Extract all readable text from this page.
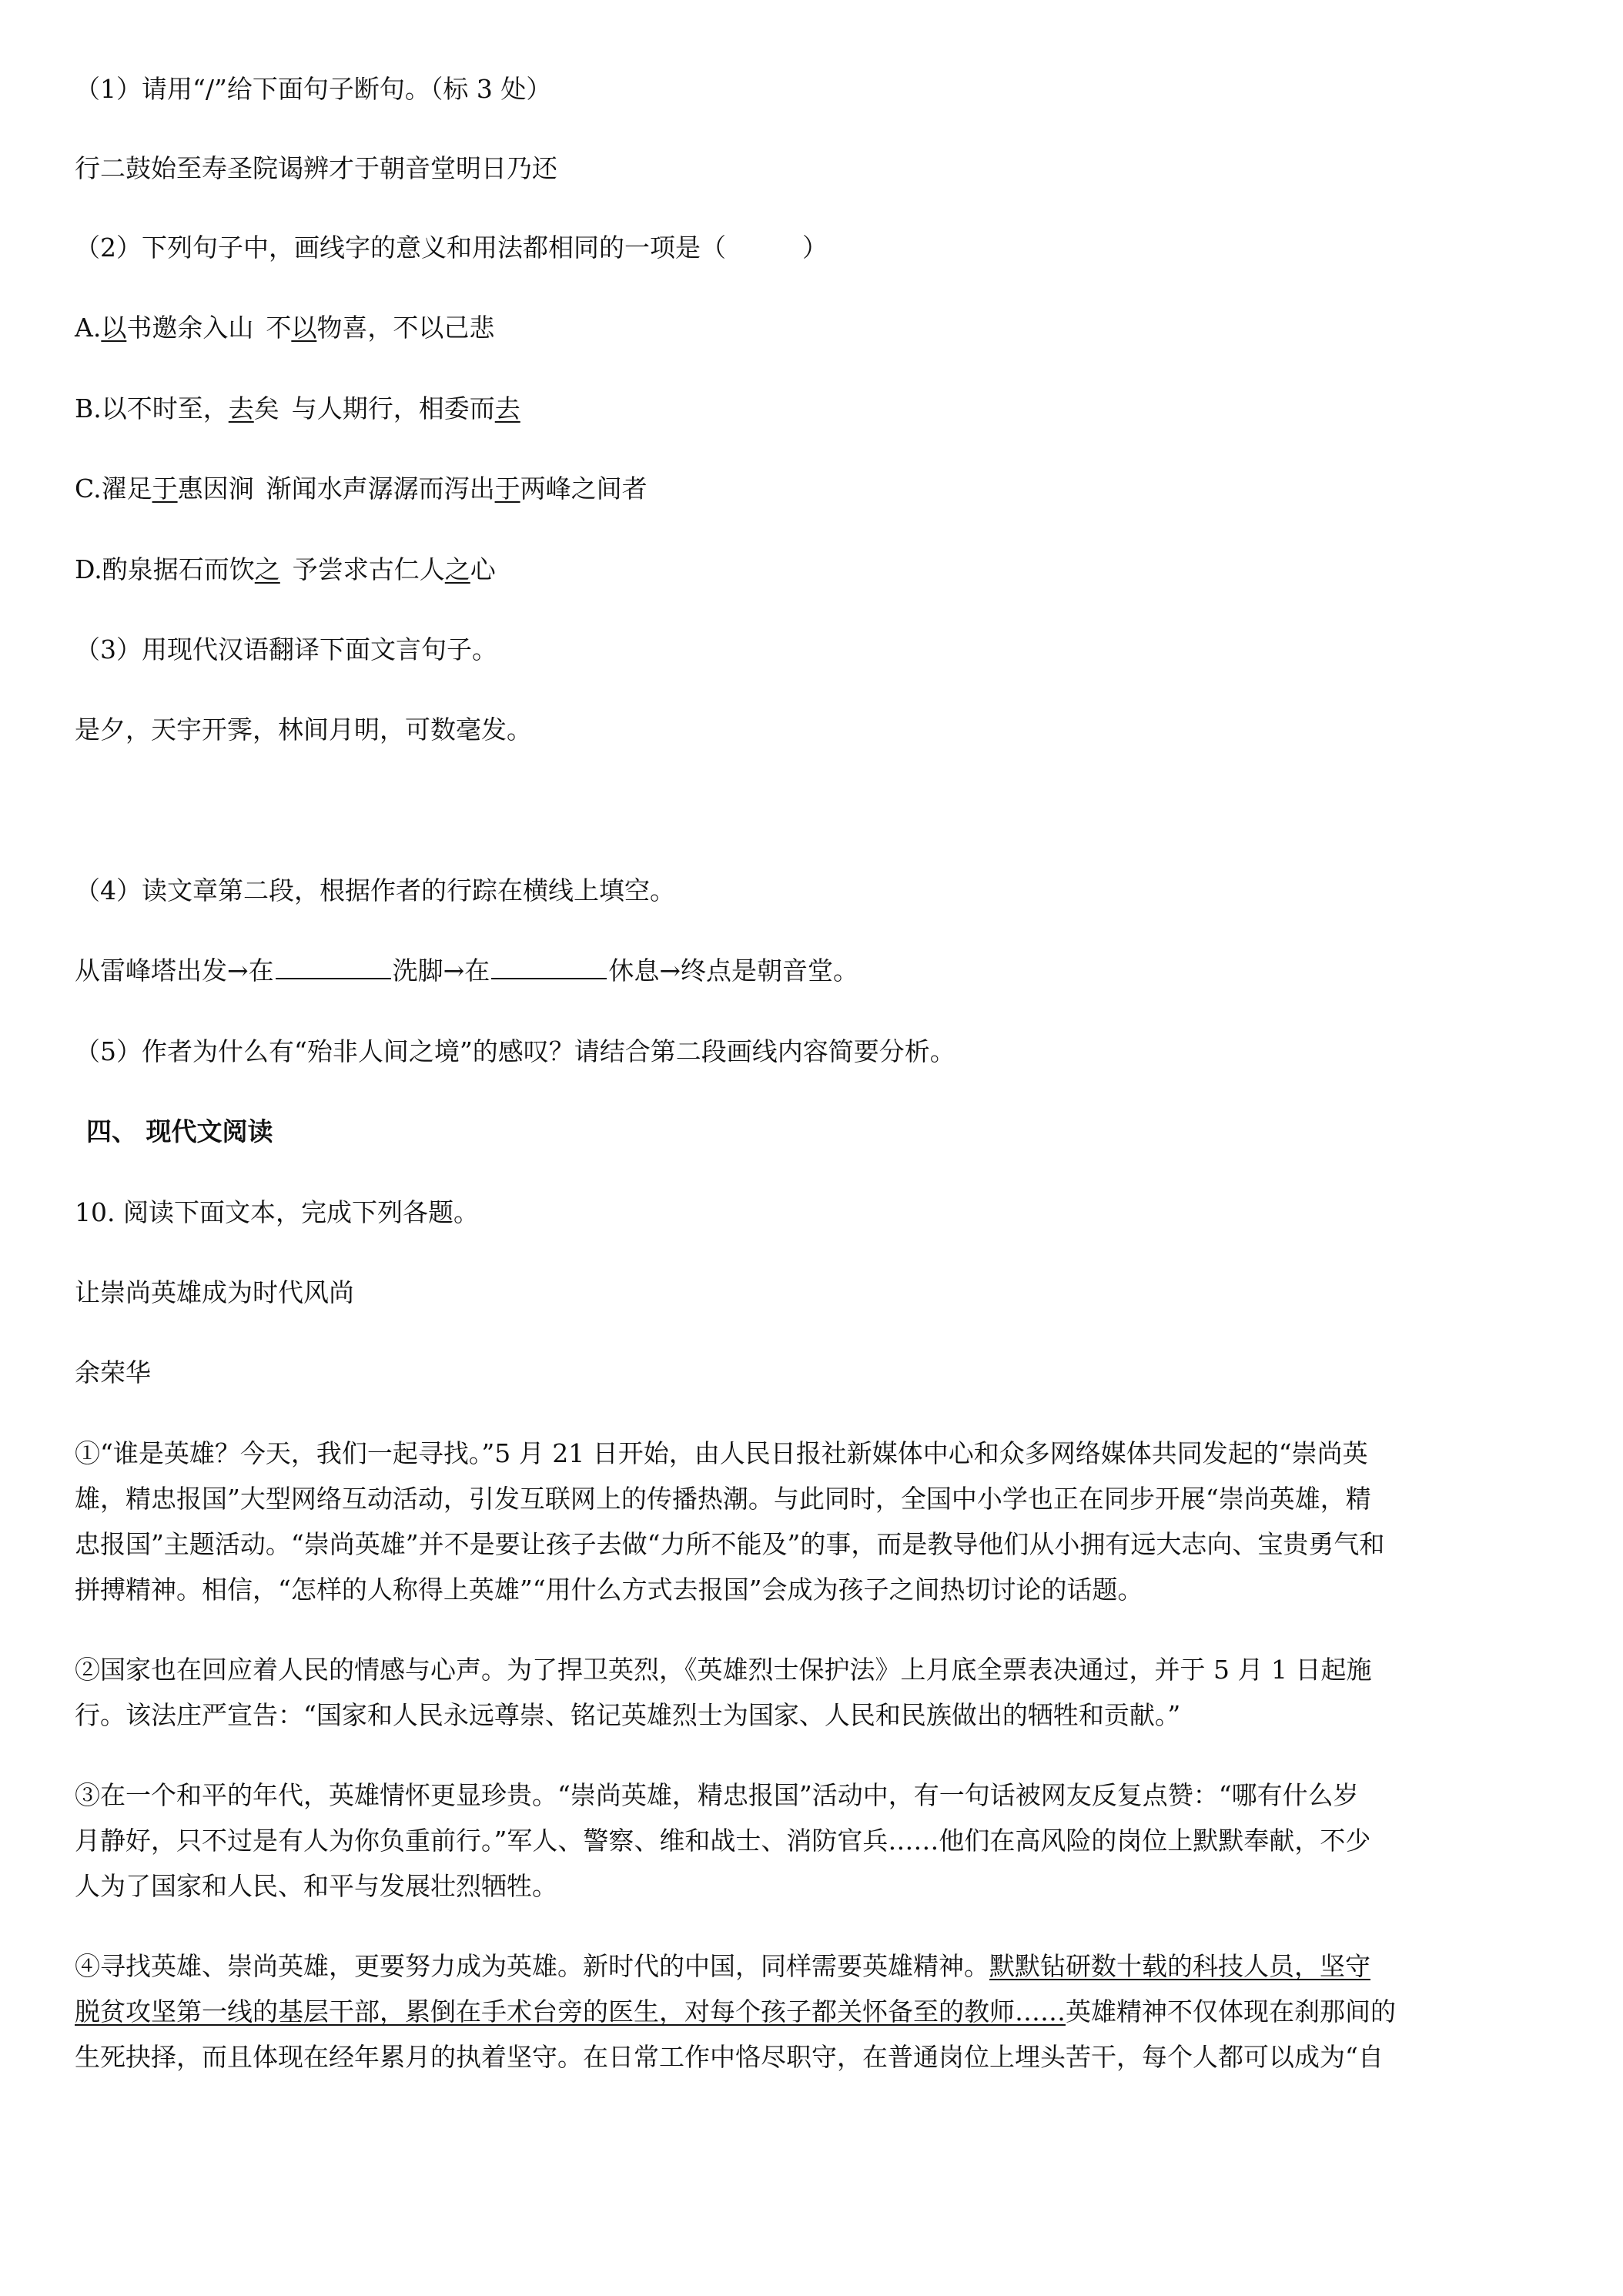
（1）请用“/”给下面句子断句。（标 3 处）
行二鼓始至寿圣院谒辨才于朝音堂明日乃还
（2）下列句子中，画线字的意义和用法都相同的一项是（　　　）
A.以书邀余入山 不以物喜，不以己悲
B.以不时至，去矣 与人期行，相委而去
C.濯足于惠因涧 渐闻水声潺潺而泻出于两峰之间者
D.酌泉据石而饮之 予尝求古仁人之心
（3）用现代汉语翻译下面文言句子。
是夕，天宇开霁，林间月明，可数毫发。
（4）读文章第二段，根据作者的行踪在横线上填空。
从雷峰塔出发→在	洗脚→在	休息→终点是朝音堂。
（5）作者为什么有“殆非人间之境”的感叹？请结合第二段画线内容简要分析。
四、 现代文阅读
10. 阅读下面文本，完成下列各题。
让崇尚英雄成为时代风尚
余荣华
①“谁是英雄？今天，我们一起寻找。”5 月 21 日开始，由人民日报社新媒体中心和众多网络媒体共同发起的“崇尚英
雄，精忠报国”大型网络互动活动，引发互联网上的传播热潮。与此同时，全国中小学也正在同步开展“崇尚英雄，精
忠报国”主题活动。“崇尚英雄”并不是要让孩子去做“力所不能及”的事，而是教导他们从小拥有远大志向、宝贵勇气和
拼搏精神。相信，“怎样的人称得上英雄”“用什么方式去报国”会成为孩子之间热切讨论的话题。
②国家也在回应着人民的情感与心声。为了捍卫英烈，《英雄烈士保护法》上月底全票表决通过，并于 5 月 1 日起施
行。该法庄严宣告：“国家和人民永远尊崇、铭记英雄烈士为国家、人民和民族做出的牺牲和贡献。”
③在一个和平的年代，英雄情怀更显珍贵。“崇尚英雄，精忠报国”活动中，有一句话被网友反复点赞：“哪有什么岁
月静好，只不过是有人为你负重前行。”军人、警察、维和战士、消防官兵……他们在高风险的岗位上默默奉献，不少
人为了国家和人民、和平与发展壮烈牺牲。
④寻找英雄、崇尚英雄，更要努力成为英雄。新时代的中国，同样需要英雄精神。默默钻研数十载的科技人员，坚守
脱贫攻坚第一线的基层干部，累倒在手术台旁的医生，对每个孩子都关怀备至的教师……英雄精神不仅体现在刹那间的
生死抉择，而且体现在经年累月的执着坚守。在日常工作中恪尽职守，在普通岗位上埋头苦干，每个人都可以成为“自
